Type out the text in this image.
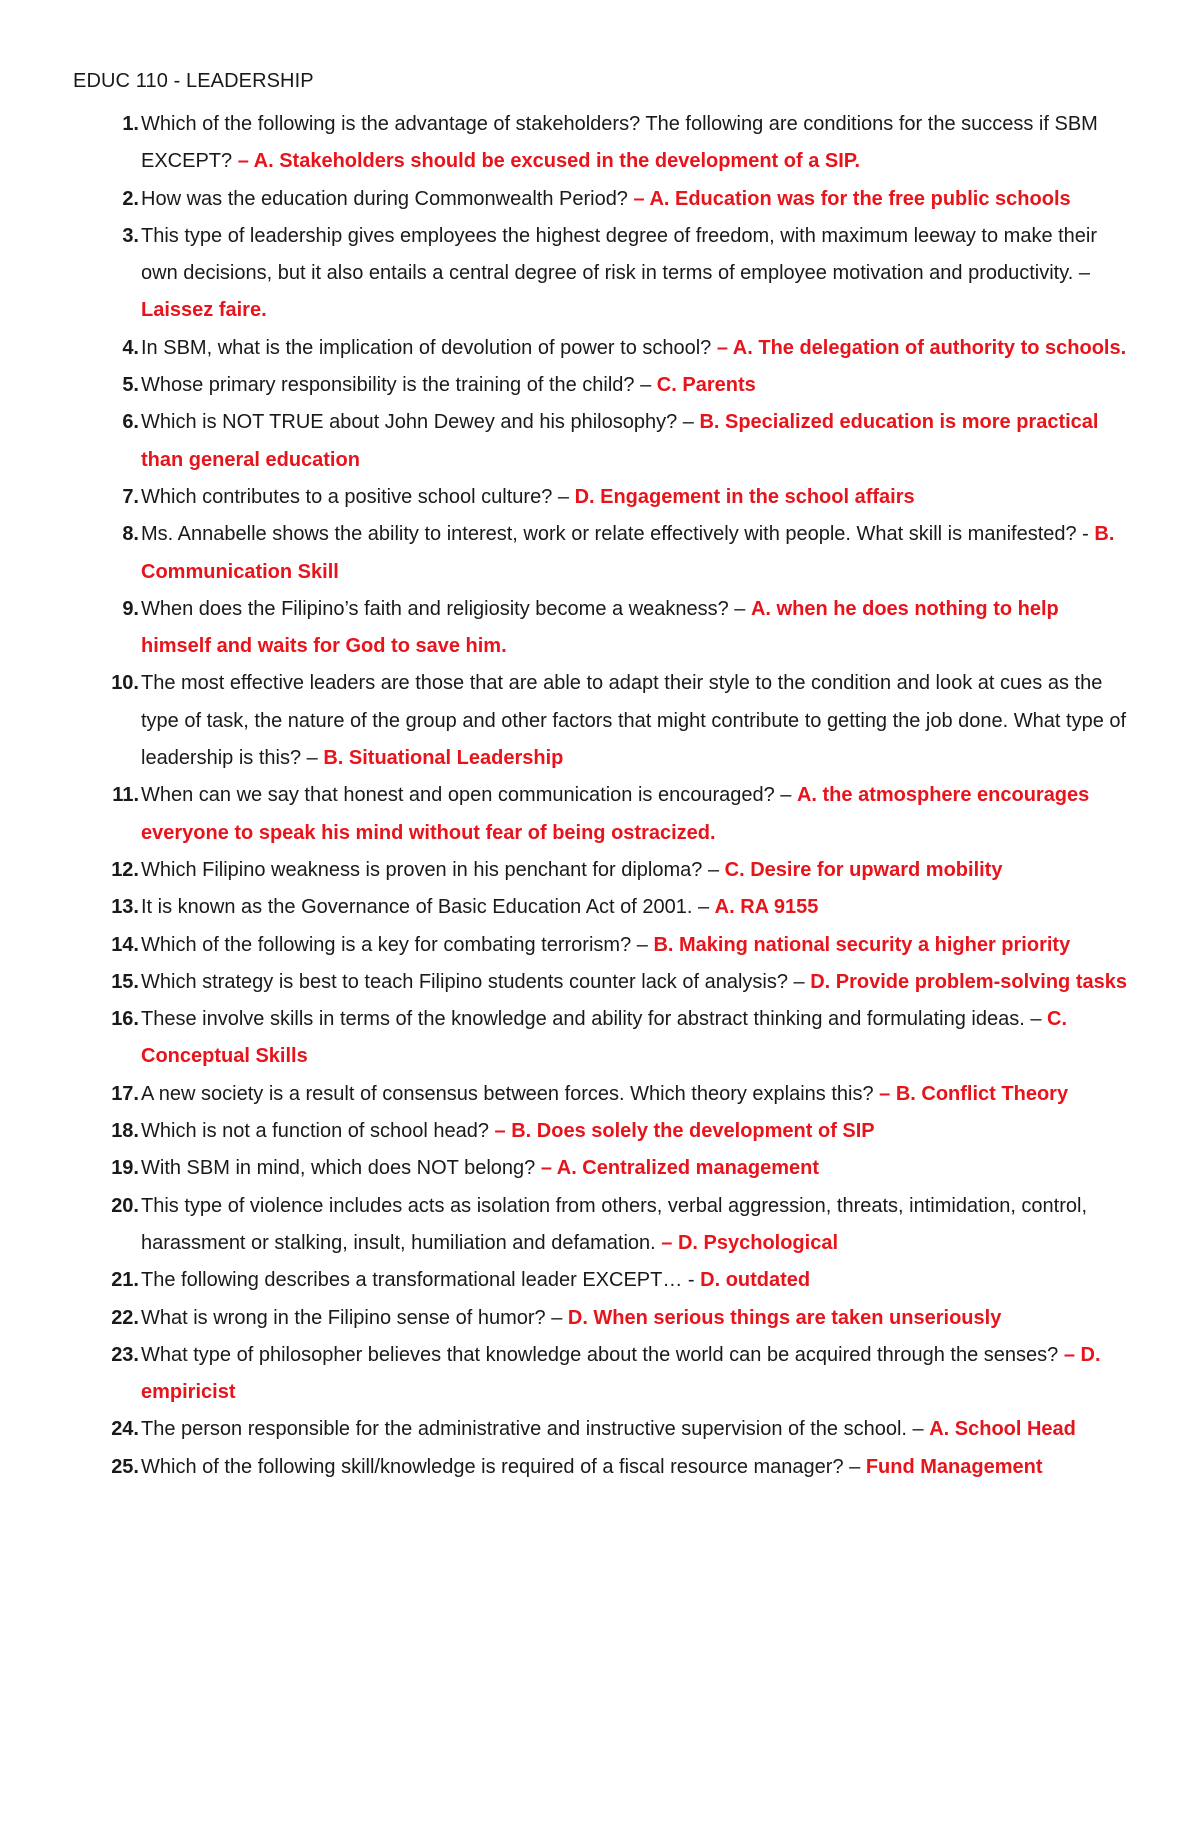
EDUC 110 - LEADERSHIP
1. Which of the following is the advantage of stakeholders? The following are conditions for the success if SBM EXCEPT? – A. Stakeholders should be excused in the development of a SIP.
2. How was the education during Commonwealth Period? – A. Education was for the free public schools
3. This type of leadership gives employees the highest degree of freedom, with maximum leeway to make their own decisions, but it also entails a central degree of risk in terms of employee motivation and productivity. – Laissez faire.
4. In SBM, what is the implication of devolution of power to school? – A. The delegation of authority to schools.
5. Whose primary responsibility is the training of the child? – C. Parents
6. Which is NOT TRUE about John Dewey and his philosophy? – B. Specialized education is more practical than general education
7. Which contributes to a positive school culture? – D. Engagement in the school affairs
8. Ms. Annabelle shows the ability to interest, work or relate effectively with people. What skill is manifested? - B. Communication Skill
9. When does the Filipino’s faith and religiosity become a weakness? – A. when he does nothing to help himself and waits for God to save him.
10. The most effective leaders are those that are able to adapt their style to the condition and look at cues as the type of task, the nature of the group and other factors that might contribute to getting the job done. What type of leadership is this? – B. Situational Leadership
11. When can we say that honest and open communication is encouraged? – A. the atmosphere encourages everyone to speak his mind without fear of being ostracized.
12. Which Filipino weakness is proven in his penchant for diploma? – C. Desire for upward mobility
13. It is known as the Governance of Basic Education Act of 2001. – A. RA 9155
14. Which of the following is a key for combating terrorism? – B. Making national security a higher priority
15. Which strategy is best to teach Filipino students counter lack of analysis? – D. Provide problem-solving tasks
16. These involve skills in terms of the knowledge and ability for abstract thinking and formulating ideas. – C. Conceptual Skills
17. A new society is a result of consensus between forces. Which theory explains this? – B. Conflict Theory
18. Which is not a function of school head? – B. Does solely the development of SIP
19. With SBM in mind, which does NOT belong? – A. Centralized management
20. This type of violence includes acts as isolation from others, verbal aggression, threats, intimidation, control, harassment or stalking, insult, humiliation and defamation. – D. Psychological
21. The following describes a transformational leader EXCEPT… - D. outdated
22. What is wrong in the Filipino sense of humor? – D. When serious things are taken unseriously
23. What type of philosopher believes that knowledge about the world can be acquired through the senses? – D. empiricist
24. The person responsible for the administrative and instructive supervision of the school. – A. School Head
25. Which of the following skill/knowledge is required of a fiscal resource manager? – Fund Management
